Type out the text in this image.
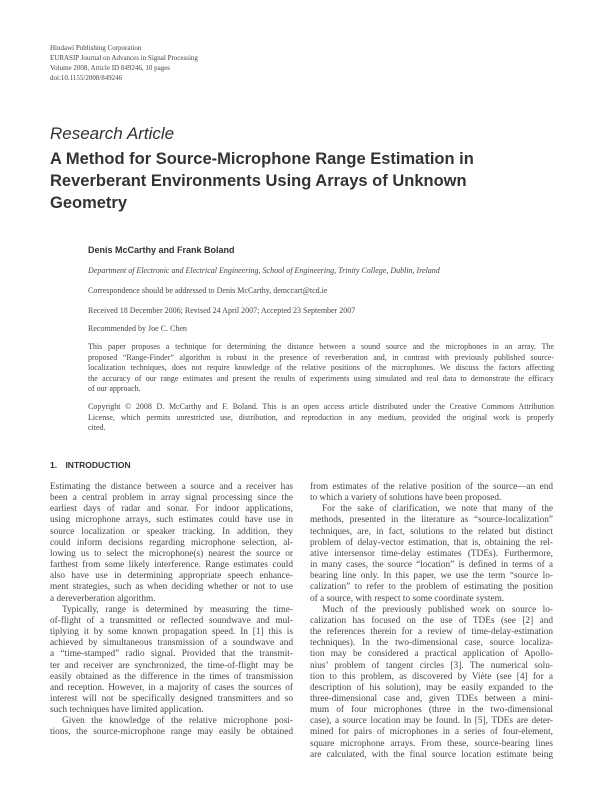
Hindawi Publishing Corporation
EURASIP Journal on Advances in Signal Processing
Volume 2008, Article ID 849246, 10 pages
doi:10.1155/2008/849246
Research Article
A Method for Source-Microphone Range Estimation in
Reverberant Environments Using Arrays of Unknown
Geometry
Denis McCarthy and Frank Boland
Department of Electronic and Electrical Engineering, School of Engineering, Trinity College, Dublin, Ireland
Correspondence should be addressed to Denis McCarthy, demccart@tcd.ie
Received 18 December 2006; Revised 24 April 2007; Accepted 23 September 2007
Recommended by Joe C. Chen
This paper proposes a technique for determining the distance between a sound source and the microphones in an array. The
proposed “Range-Finder” algorithm is robust in the presence of reverberation and, in contrast with previously published source-
localization techniques, does not require knowledge of the relative positions of the microphones. We discuss the factors affecting
the accuracy of our range estimates and present the results of experiments using simulated and real data to demonstrate the efficacy
of our approach.
Copyright © 2008 D. McCarthy and F. Boland. This is an open access article distributed under the Creative Commons Attribution
License, which permits unrestricted use, distribution, and reproduction in any medium, provided the original work is properly
cited.
1. INTRODUCTION
Estimating the distance between a source and a receiver has
been a central problem in array signal processing since the
earliest days of radar and sonar. For indoor applications,
using microphone arrays, such estimates could have use in
source localization or speaker tracking. In addition, they
could inform decisions regarding microphone selection, al-
lowing us to select the microphone(s) nearest the source or
farthest from some likely interference. Range estimates could
also have use in determining appropriate speech enhance-
ment strategies, such as when deciding whether or not to use
a dereverberation algorithm.
Typically, range is determined by measuring the time-
of-flight of a transmitted or reflected soundwave and mul-
tiplying it by some known propagation speed. In [1] this is
achieved by simultaneous transmission of a soundwave and
a “time-stamped” radio signal. Provided that the transmit-
ter and receiver are synchronized, the time-of-flight may be
easily obtained as the difference in the times of transmission
and reception. However, in a majority of cases the sources of
interest will not be specifically designed transmitters and so
such techniques have limited application.
Given the knowledge of the relative microphone posi-
tions, the source-microphone range may easily be obtained
from estimates of the relative position of the source—an end
to which a variety of solutions have been proposed.
For the sake of clarification, we note that many of the
methods, presented in the literature as “source-localization”
techniques, are, in fact, solutions to the related but distinct
problem of delay-vector estimation, that is, obtaining the rel-
ative intersensor time-delay estimates (TDEs). Furthermore,
in many cases, the source “location” is defined in terms of a
bearing line only. In this paper, we use the term “source lo-
calization” to refer to the problem of estimating the position
of a source, with respect to some coordinate system.
Much of the previously published work on source lo-
calization has focused on the use of TDEs (see [2] and
the references therein for a review of time-delay-estimation
techniques). In the two-dimensional case, source localiza-
tion may be considered a practical application of Apollo-
nius’ problem of tangent circles [3]. The numerical solu-
tion to this problem, as discovered by Viète (see [4] for a
description of his solution), may be easily expanded to the
three-dimensional case and, given TDEs between a mini-
mum of four microphones (three in the two-dimensional
case), a source location may be found. In [5], TDEs are deter-
mined for pairs of microphones in a series of four-element,
square microphone arrays. From these, source-bearing lines
are calculated, with the final source location estimate being
